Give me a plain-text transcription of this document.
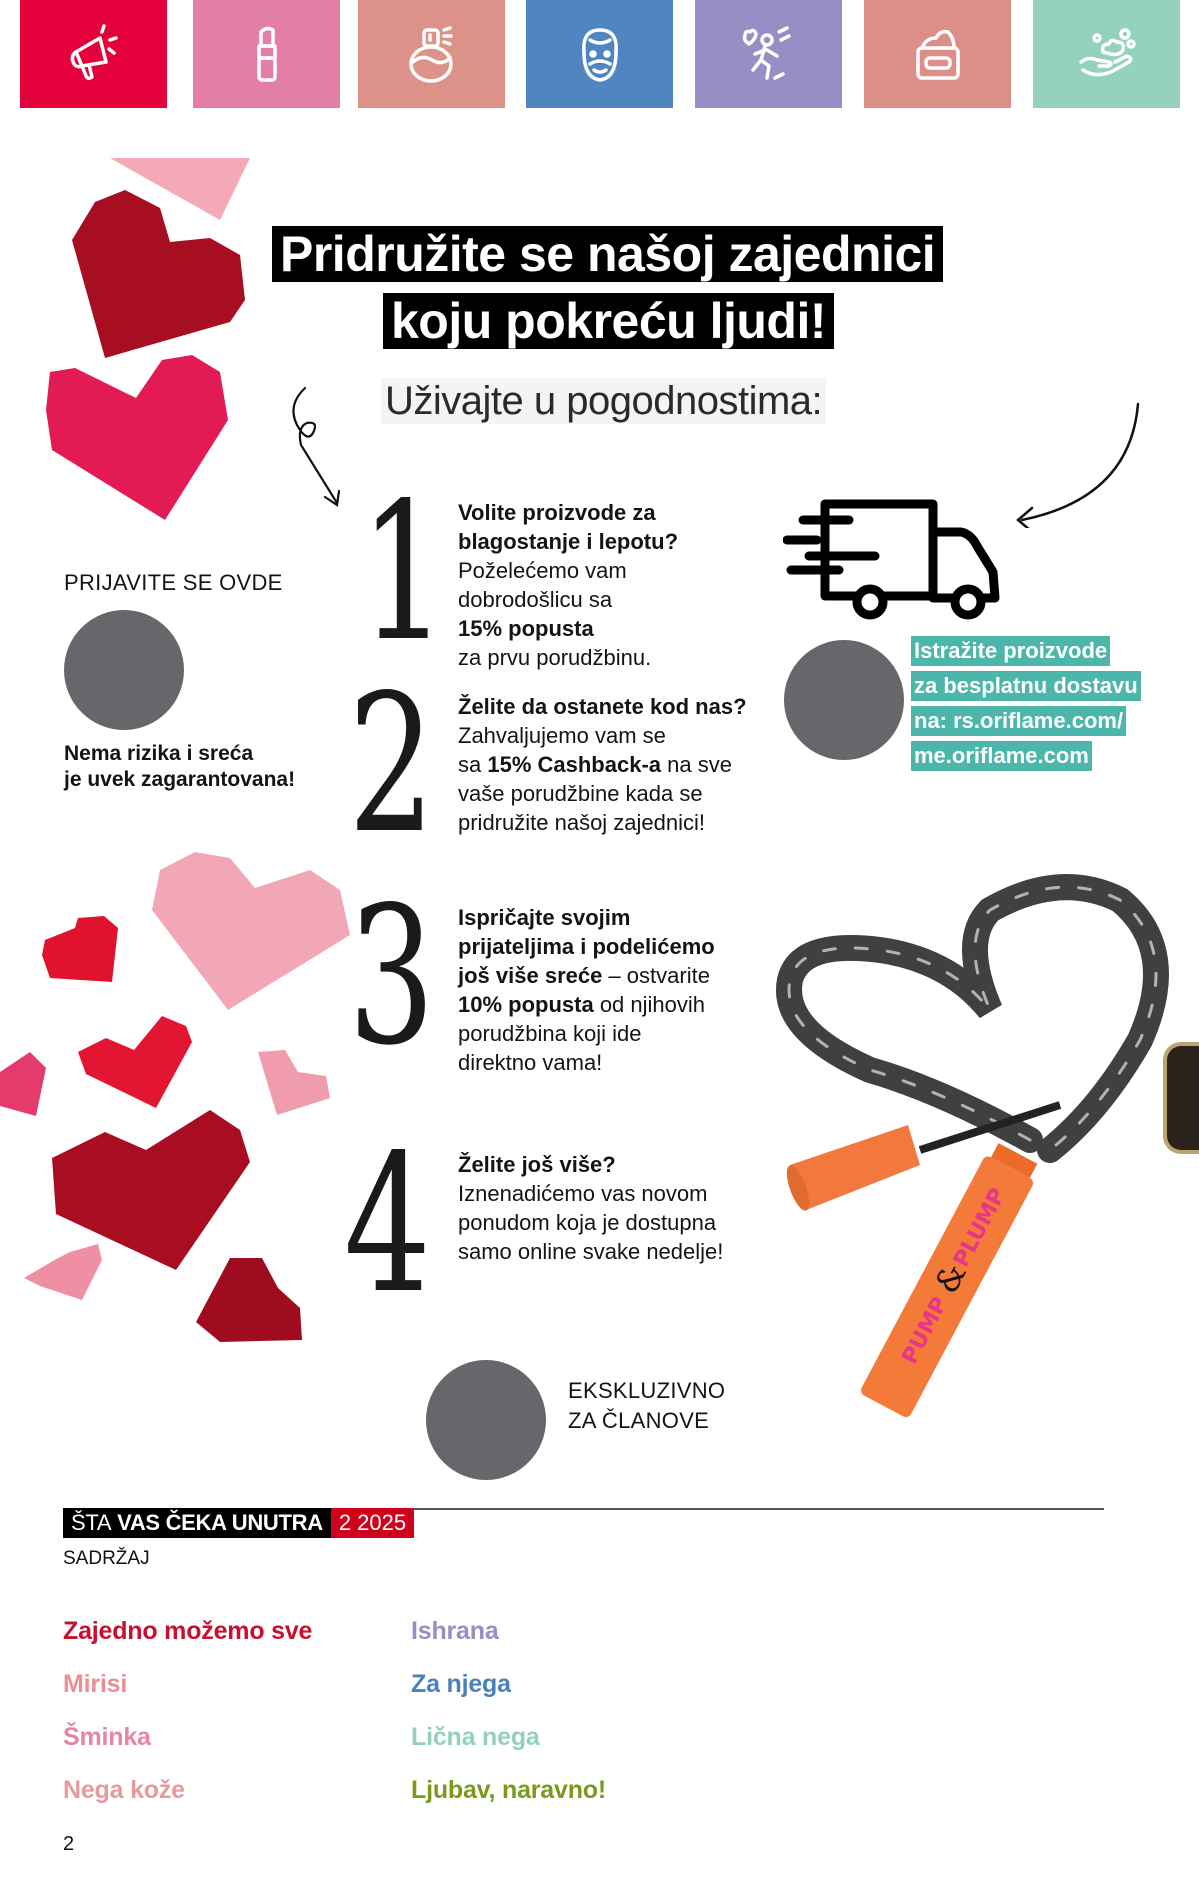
Pridružite se našoj zajednici
koju pokreću ljudi!
Uživajte u pogodnostima:
PRIJAVITE SE OVDE
Nema rizika i sreća
je uvek zagarantovana!
1
2
3
4
Volite proizvode za
blagostanje i lepotu?
Poželećemo vam
dobrodošlicu sa
15% popusta
za prvu porudžbinu.
Želite da ostanete kod nas?
Zahvaljujemo vam se
sa 15% Cashback-a na sve
vaše porudžbine kada se
pridružite našoj zajednici!
Ispričajte svojim
prijateljima i podelićemo
još više sreće – ostvarite
10% popusta od njihovih
porudžbina koji ide
direktno vama!
Želite još više?
Iznenadićemo vas novom
ponudom koja je dostupna
samo online svake nedelje!
Istražite proizvode
za besplatnu dostavu
na: rs.oriflame.com/
me.oriflame.com
PUMP
&
PLUMP
EKSKLUZIVNO
ZA ČLANOVE
ŠTA VAS ČEKA UNUTRA 2 2025
SADRŽAJ
Zajedno možemo sve
Mirisi
Šminka
Nega kože
Ishrana
Za njega
Lična nega
Ljubav, naravno!
2
